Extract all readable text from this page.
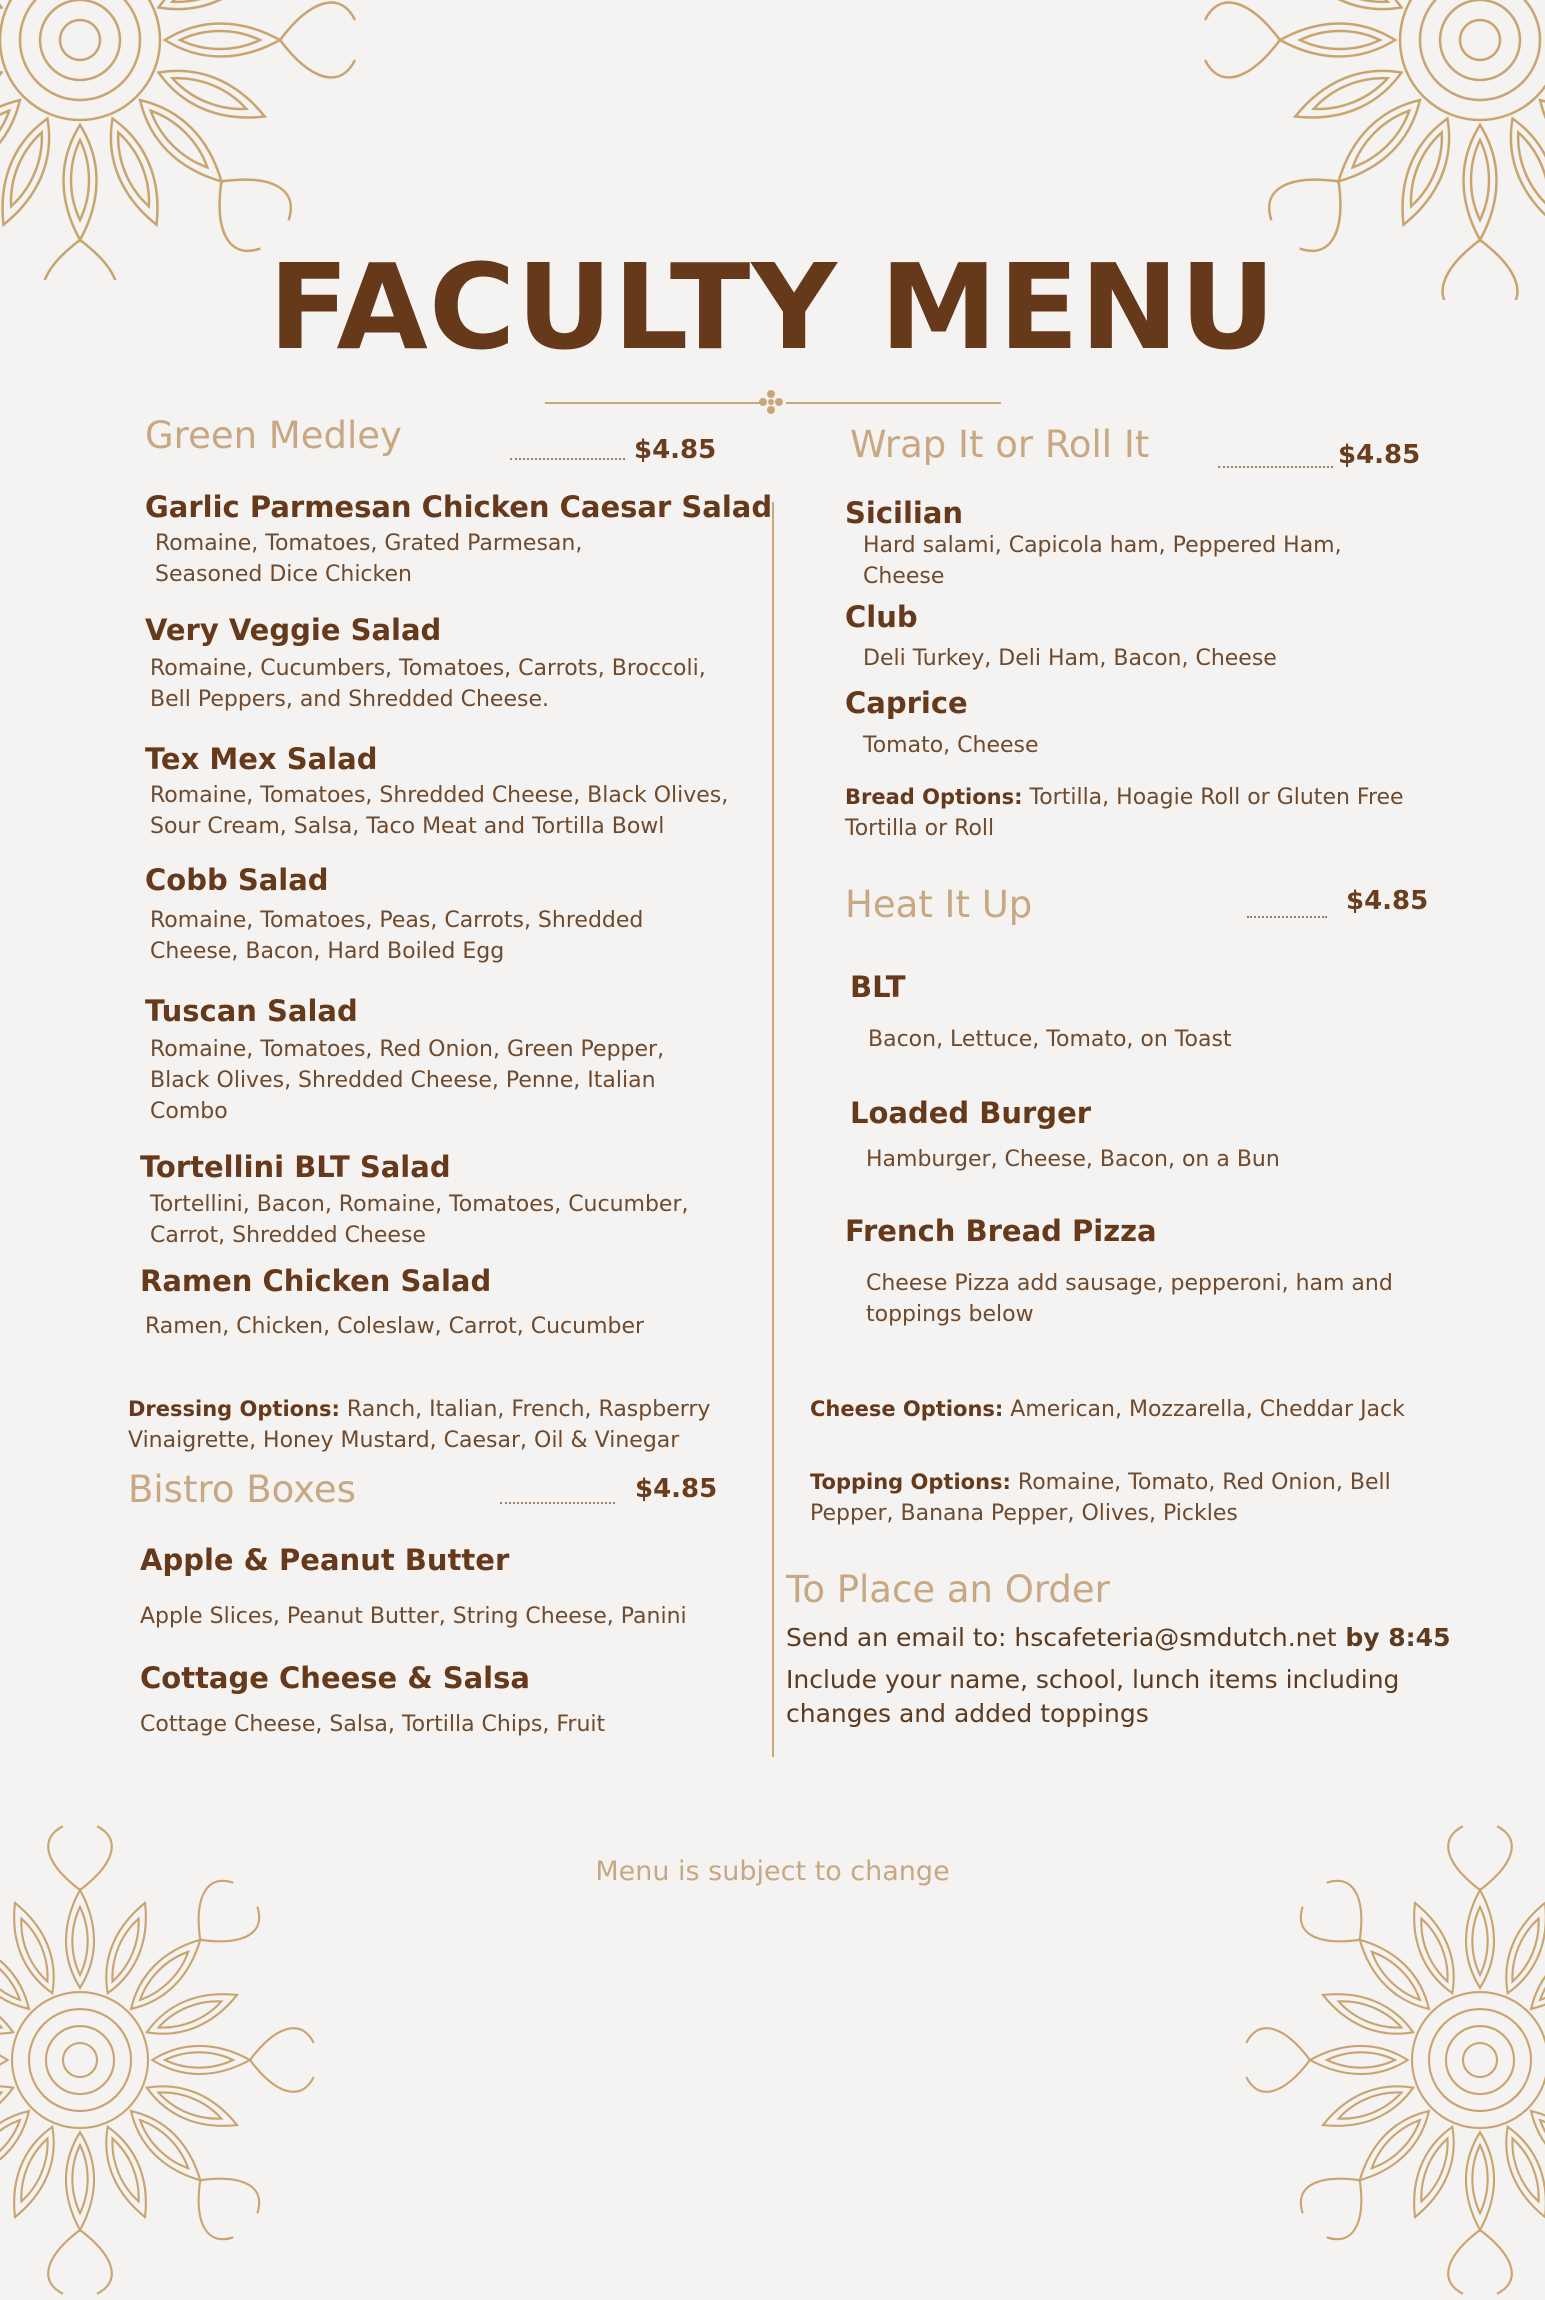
FACULTY MENU
Green Medley	$4.85
Garlic Parmesan Chicken Caesar Salad
Romaine, Tomatoes, Grated Parmesan,
Seasoned Dice Chicken
Very Veggie Salad
Romaine, Cucumbers, Tomatoes, Carrots, Broccoli,
Bell Peppers, and Shredded Cheese.
Tex Mex Salad
Romaine, Tomatoes, Shredded Cheese, Black Olives,
Sour Cream, Salsa, Taco Meat and Tortilla Bowl
Cobb Salad
Romaine, Tomatoes, Peas, Carrots, Shredded
Cheese, Bacon, Hard Boiled Egg
Tuscan Salad
Romaine, Tomatoes, Red Onion, Green Pepper,
Black Olives, Shredded Cheese, Penne, Italian
Combo
Tortellini BLT Salad
Tortellini, Bacon, Romaine, Tomatoes, Cucumber,
Carrot, Shredded Cheese
Ramen Chicken Salad
Ramen, Chicken, Coleslaw, Carrot, Cucumber
Dressing Options: Ranch, Italian, French, Raspberry
Vinaigrette, Honey Mustard, Caesar, Oil & Vinegar
Bistro Boxes	$4.85
Apple & Peanut Butter
Apple Slices, Peanut Butter, String Cheese, Panini
Cottage Cheese & Salsa
Cottage Cheese, Salsa, Tortilla Chips, Fruit
Wrap It or Roll It	$4.85
Sicilian
Hard salami, Capicola ham, Peppered Ham,
Cheese
Club
Deli Turkey, Deli Ham, Bacon, Cheese
Caprice
Tomato, Cheese
Bread Options: Tortilla, Hoagie Roll or Gluten Free
Tortilla or Roll
Heat It Up	$4.85
BLT
Bacon, Lettuce, Tomato, on Toast
Loaded Burger
Hamburger, Cheese, Bacon, on a Bun
French Bread Pizza
Cheese Pizza add sausage, pepperoni, ham and
toppings below
Cheese Options: American, Mozzarella, Cheddar Jack
Topping Options: Romaine, Tomato, Red Onion, Bell
Pepper, Banana Pepper, Olives, Pickles
To Place an Order
Send an email to: hscafeteria@smdutch.net by 8:45
Include your name, school, lunch items including
changes and added toppings
Menu is subject to change
